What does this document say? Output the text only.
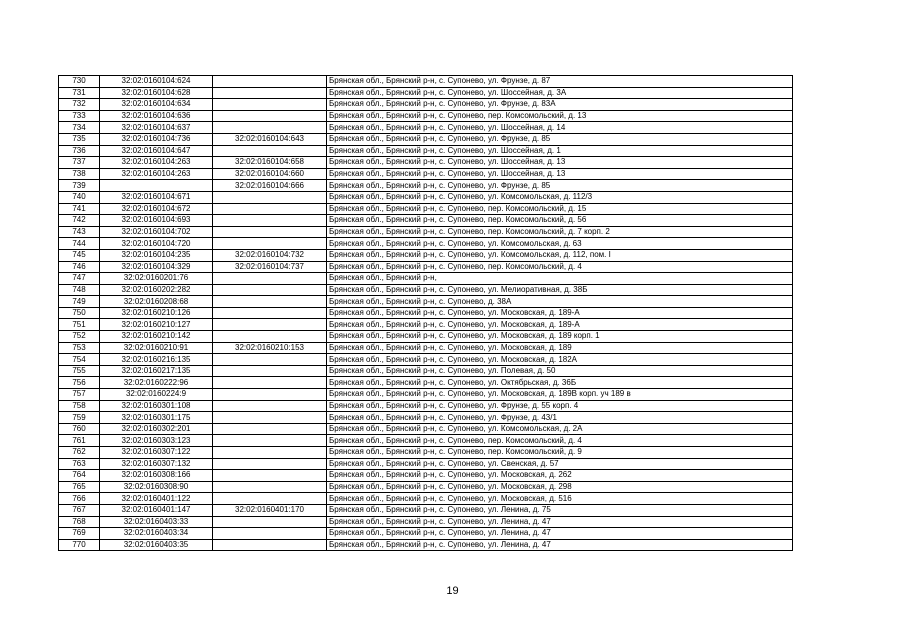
730	32:02:0160104:624		Брянская обл., Брянский р-н, с. Супонево, ул. Фрунзе, д. 87
731	32:02:0160104:628		Брянская обл., Брянский р-н, с. Супонево, ул. Шоссейная, д. 3А
732	32:02:0160104:634		Брянская обл., Брянский р-н, с. Супонево, ул. Фрунзе, д. 83А
733	32:02:0160104:636		Брянская обл., Брянский р-н, с. Супонево, пер. Комсомольский, д. 13
734	32:02:0160104:637		Брянская обл., Брянский р-н, с. Супонево, ул. Шоссейная, д. 14
735	32:02:0160104:736	32:02:0160104:643	Брянская обл., Брянский р-н, с. Супонево, ул. Фрунзе, д. 85
736	32:02:0160104:647		Брянская обл., Брянский р-н, с. Супонево, ул. Шоссейная, д. 1
737	32:02:0160104:263	32:02:0160104:658	Брянская обл., Брянский р-н, с. Супонево, ул. Шоссейная, д. 13
738	32:02:0160104:263	32:02:0160104:660	Брянская обл., Брянский р-н, с. Супонево, ул. Шоссейная, д. 13
739		32:02:0160104:666	Брянская обл., Брянский р-н, с. Супонево, ул. Фрунзе, д. 85
740	32:02:0160104:671		Брянская обл., Брянский р-н, с. Супонево, ул. Комсомольская, д. 112/3
741	32:02:0160104:672		Брянская обл., Брянский р-н, с. Супонево, пер. Комсомольский, д. 15
742	32:02:0160104:693		Брянская обл., Брянский р-н, с. Супонево, пер. Комсомольский, д. 56
743	32:02:0160104:702		Брянская обл., Брянский р-н, с. Супонево, пер. Комсомольский, д. 7 корп. 2
744	32:02:0160104:720		Брянская обл., Брянский р-н, с. Супонево, ул. Комсомольская, д. 63
745	32:02:0160104:235	32:02:0160104:732	Брянская обл., Брянский р-н, с. Супонево, ул. Комсомольская, д. 112, пом. I
746	32:02:0160104:329	32:02:0160104:737	Брянская обл., Брянский р-н, с. Супонево, пер. Комсомольский, д. 4
747	32:02:0160201:76		Брянская обл., Брянский р-н,
748	32:02:0160202:282		Брянская обл., Брянский р-н, с. Супонево, ул. Мелиоративная, д. 38Б
749	32:02:0160208:68		Брянская обл., Брянский р-н, с. Супонево, д. 38А
750	32:02:0160210:126		Брянская обл., Брянский р-н, с. Супонево, ул. Московская, д. 189-А
751	32:02:0160210:127		Брянская обл., Брянский р-н, с. Супонево, ул. Московская, д. 189-А
752	32:02:0160210:142		Брянская обл., Брянский р-н, с. Супонево, ул. Московская, д. 189 корп. 1
753	32:02:0160210:91	32:02:0160210:153	Брянская обл., Брянский р-н, с. Супонево, ул. Московская, д. 189
754	32:02:0160216:135		Брянская обл., Брянский р-н, с. Супонево, ул. Московская, д. 182А
755	32:02:0160217:135		Брянская обл., Брянский р-н, с. Супонево, ул. Полевая, д. 50
756	32:02:0160222:96		Брянская обл., Брянский р-н, с. Супонево, ул. Октябрьская, д. 36Б
757	32:02:0160224:9		Брянская обл., Брянский р-н, с. Супонево, ул. Московская, д. 189В корп. уч 189 в
758	32:02:0160301:108		Брянская обл., Брянский р-н, с. Супонево, ул. Фрунзе, д. 55 корп. 4
759	32:02:0160301:175		Брянская обл., Брянский р-н, с. Супонево, ул. Фрунзе, д. 43/1
760	32:02:0160302:201		Брянская обл., Брянский р-н, с. Супонево, ул. Комсомольская, д. 2А
761	32:02:0160303:123		Брянская обл., Брянский р-н, с. Супонево, пер. Комсомольский, д. 4
762	32:02:0160307:122		Брянская обл., Брянский р-н, с. Супонево, пер. Комсомольский, д. 9
763	32:02:0160307:132		Брянская обл., Брянский р-н, с. Супонево, ул. Свенская, д. 57
764	32:02:0160308:166		Брянская обл., Брянский р-н, с. Супонево, ул. Московская, д. 262
765	32:02:0160308:90		Брянская обл., Брянский р-н, с. Супонево, ул. Московская, д. 298
766	32:02:0160401:122		Брянская обл., Брянский р-н, с. Супонево, ул. Московская, д. 516
767	32:02:0160401:147	32:02:0160401:170	Брянская обл., Брянский р-н, с. Супонево, ул. Ленина, д. 75
768	32:02:0160403:33		Брянская обл., Брянский р-н, с. Супонево, ул. Ленина, д. 47
769	32:02:0160403:34		Брянская обл., Брянский р-н, с. Супонево, ул. Ленина, д. 47
770	32:02:0160403:35		Брянская обл., Брянский р-н, с. Супонево, ул. Ленина, д. 47
19
